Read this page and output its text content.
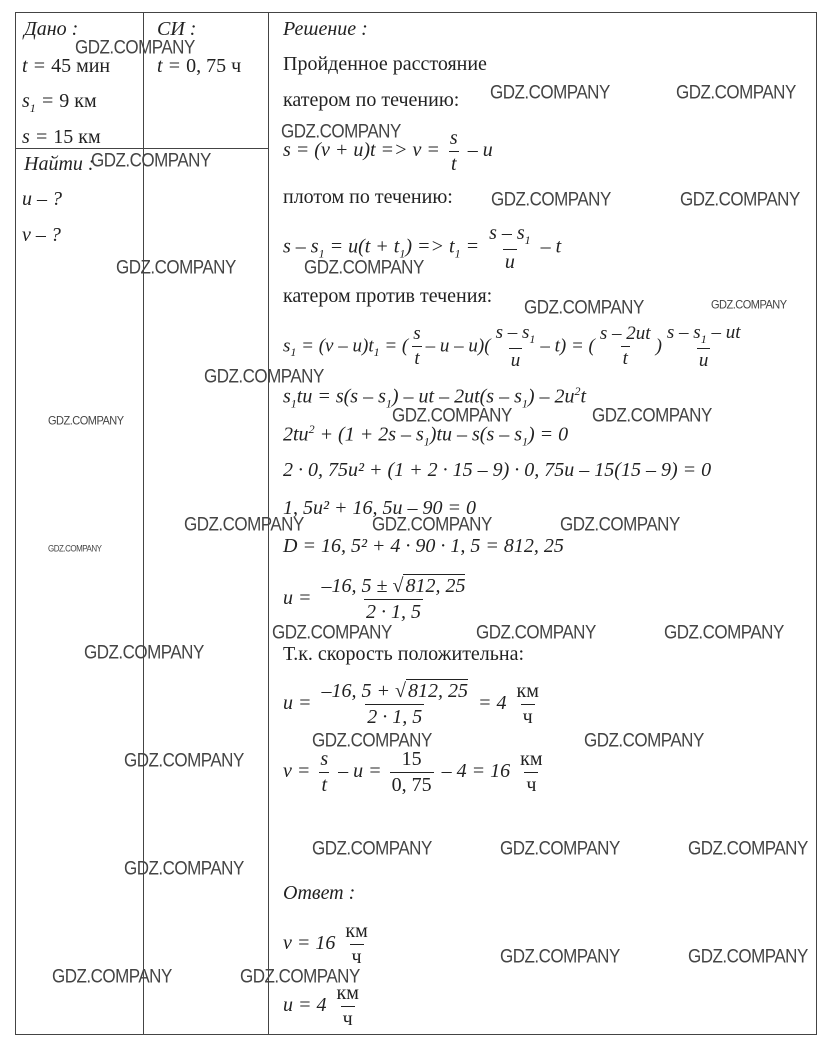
Дано :
t = 45 мин
$s_1 = 9$ км
s = 15 км
СИ :
t = 0, 75 ч
Найти :
u – ?
v – ?
Решение :
Пройденное расстояние
катером по течению:
$s = (v + u)t => v = \frac{s}{t} - u$
плотом по течению:
$s - s_1 = u(t + t_1) => t_1 = \frac{s - s_1}{u} - t$
катером против течения:
$s_1 = (v - u)t_1$ = ( $\frac{s}{t}$ – u – $u)( \frac{s - s_1}{u} - t)$ = ( $\frac{s - 2ut}{t}$ ) $\frac{s - s_1 - ut}{u}$
$s_1tu = s(s - s_1)$ – ut – $2ut(s - s_1) - 2u^2t$
$2tu^2 + (1 + 2s - s_1)tu - s(s - s_1) = 0$
2 · 0, 75u² + (1 + 2 · 15 – 9) · 0, 75u – 15(15 – 9) = 0
1, 5u² + 16, 5u – 90 = 0
D = 16, 5² + 4 · 90 · 1, 5 = 812, 25
$u = \frac{-16, 5 \pm √ 812, 25}{2 \cdot 1, 5}$
Т.к. скорость положительна:
$u = \frac{-16, 5 + √ 812, 25}{2 \cdot 1, 5} = 4 \frac{км}{ч}$
$v = \frac{s}{t} - u = \frac{15}{0, 75} - 4 = 16 \frac{км}{ч}$
Ответ :
$v = 16 \frac{км}{ч}$
$u = 4 \frac{км}{ч}$
GDZ.COMPANY
GDZ.COMPANY	GDZ.COMPANY
GDZ.COMPANY
GDZ.COMPANY
GDZ.COMPANY	GDZ.COMPANY
GDZ.COMPANY	GDZ.COMPANY
GDZ.COMPANY	GDZ.COMPANY
GDZ.COMPANY
GDZ.COMPANY	GDZ.COMPANY
GDZ.COMPANY
GDZ.COMPANY	GDZ.COMPANY	GDZ.COMPANY
GDZ.COMPANY
GDZ.COMPANY	GDZ.COMPANY	GDZ.COMPANY
GDZ.COMPANY
GDZ.COMPANY	GDZ.COMPANY
GDZ.COMPANY
GDZ.COMPANY	GDZ.COMPANY	GDZ.COMPANY
GDZ.COMPANY
GDZ.COMPANY	GDZ.COMPANY
GDZ.COMPANY	GDZ.COMPANY
